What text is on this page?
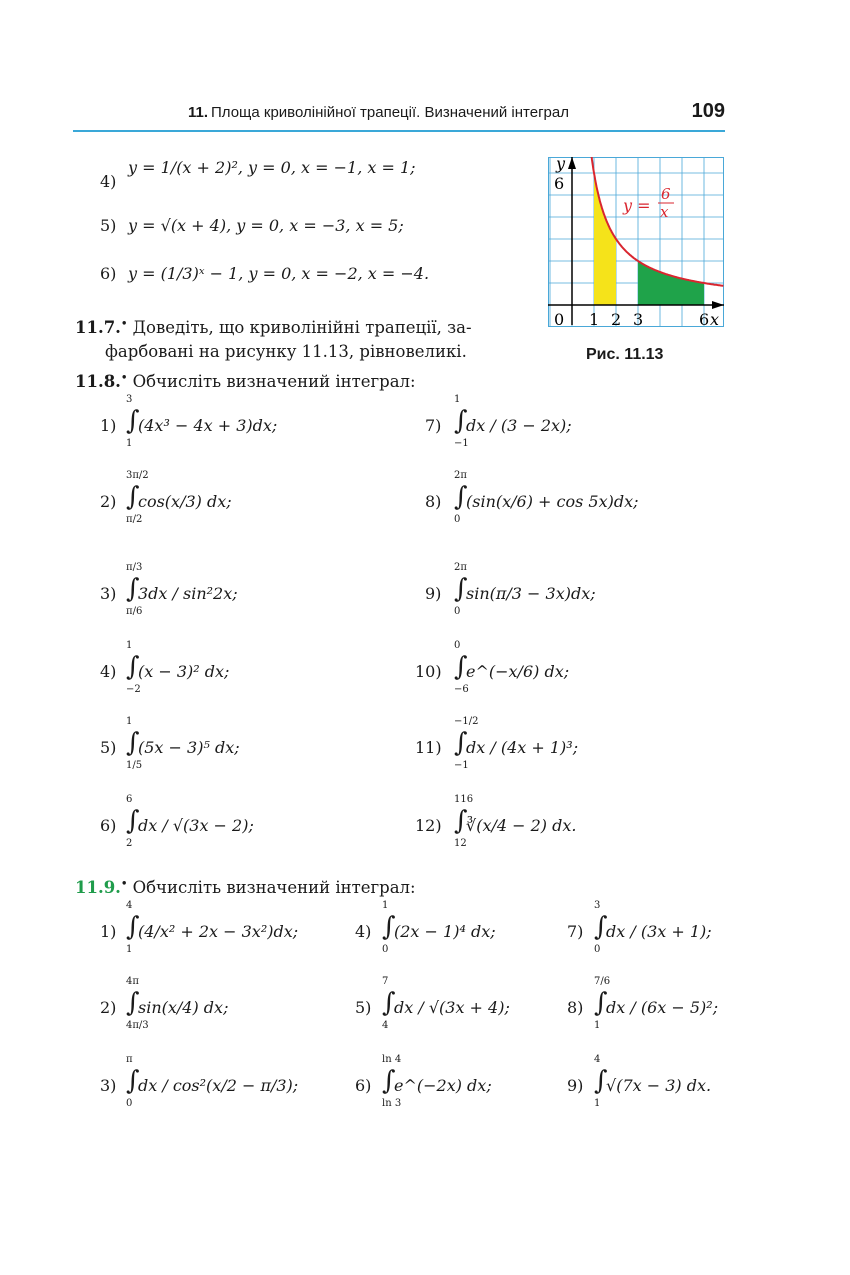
11. Площа криволінійної трапеції. Визначений інтеграл	109
4)
y = 1/(x + 2)², y = 0, x = −1, x = 1;
5) y = √(x + 4), y = 0, x = −3, x = 5;
6) y = (1/3)ˣ − 1, y = 0, x = −2, x = −4.
11.7.• Доведіть, що криволінійні трапеції, за-
фарбовані на рисунку 11.13, рівновеликі.
y
6
x
0 1 2 3	6
y =
6
x
Рис. 11.13
11.8.• Обчисліть визначений інтеграл:
1)
3
∫
1
(4x³ − 4x + 3)dx;
2)
3π/2
∫
π/2
cos(x/3) dx;
3)
π/3
∫
π/6
3dx / sin²2x;
4)
1
∫
−2
(x − 3)² dx;
5)
1
∫
1/5
(5x − 3)⁵ dx;
6)
6
∫
2
dx / √(3x − 2);
7)
1
∫
−1
dx / (3 − 2x);
8)
2π
∫
0
(sin(x/6) + cos 5x)dx;
9)
2π
∫
0
sin(π/3 − 3x)dx;
10)
0
∫
−6
e^(−x/6) dx;
11)
−1/2
∫
−1
dx / (4x + 1)³;
12)
116
∫
12
∛(x/4 − 2) dx.
11.9.• Обчисліть визначений інтеграл:
1)
4
∫
1
(4/x² + 2x − 3x²)dx;
2)
4π
∫
4π/3
sin(x/4) dx;
3)
π
∫
0
dx / cos²(x/2 − π/3);
4)
1
∫
0
(2x − 1)⁴ dx;
5)
7
∫
4
dx / √(3x + 4);
6)
ln 4
∫
ln 3
e^(−2x) dx;
7)
3
∫
0
dx / (3x + 1);
8)
7/6
∫
1
dx / (6x − 5)²;
9)
4
∫
1
√(7x − 3) dx.
